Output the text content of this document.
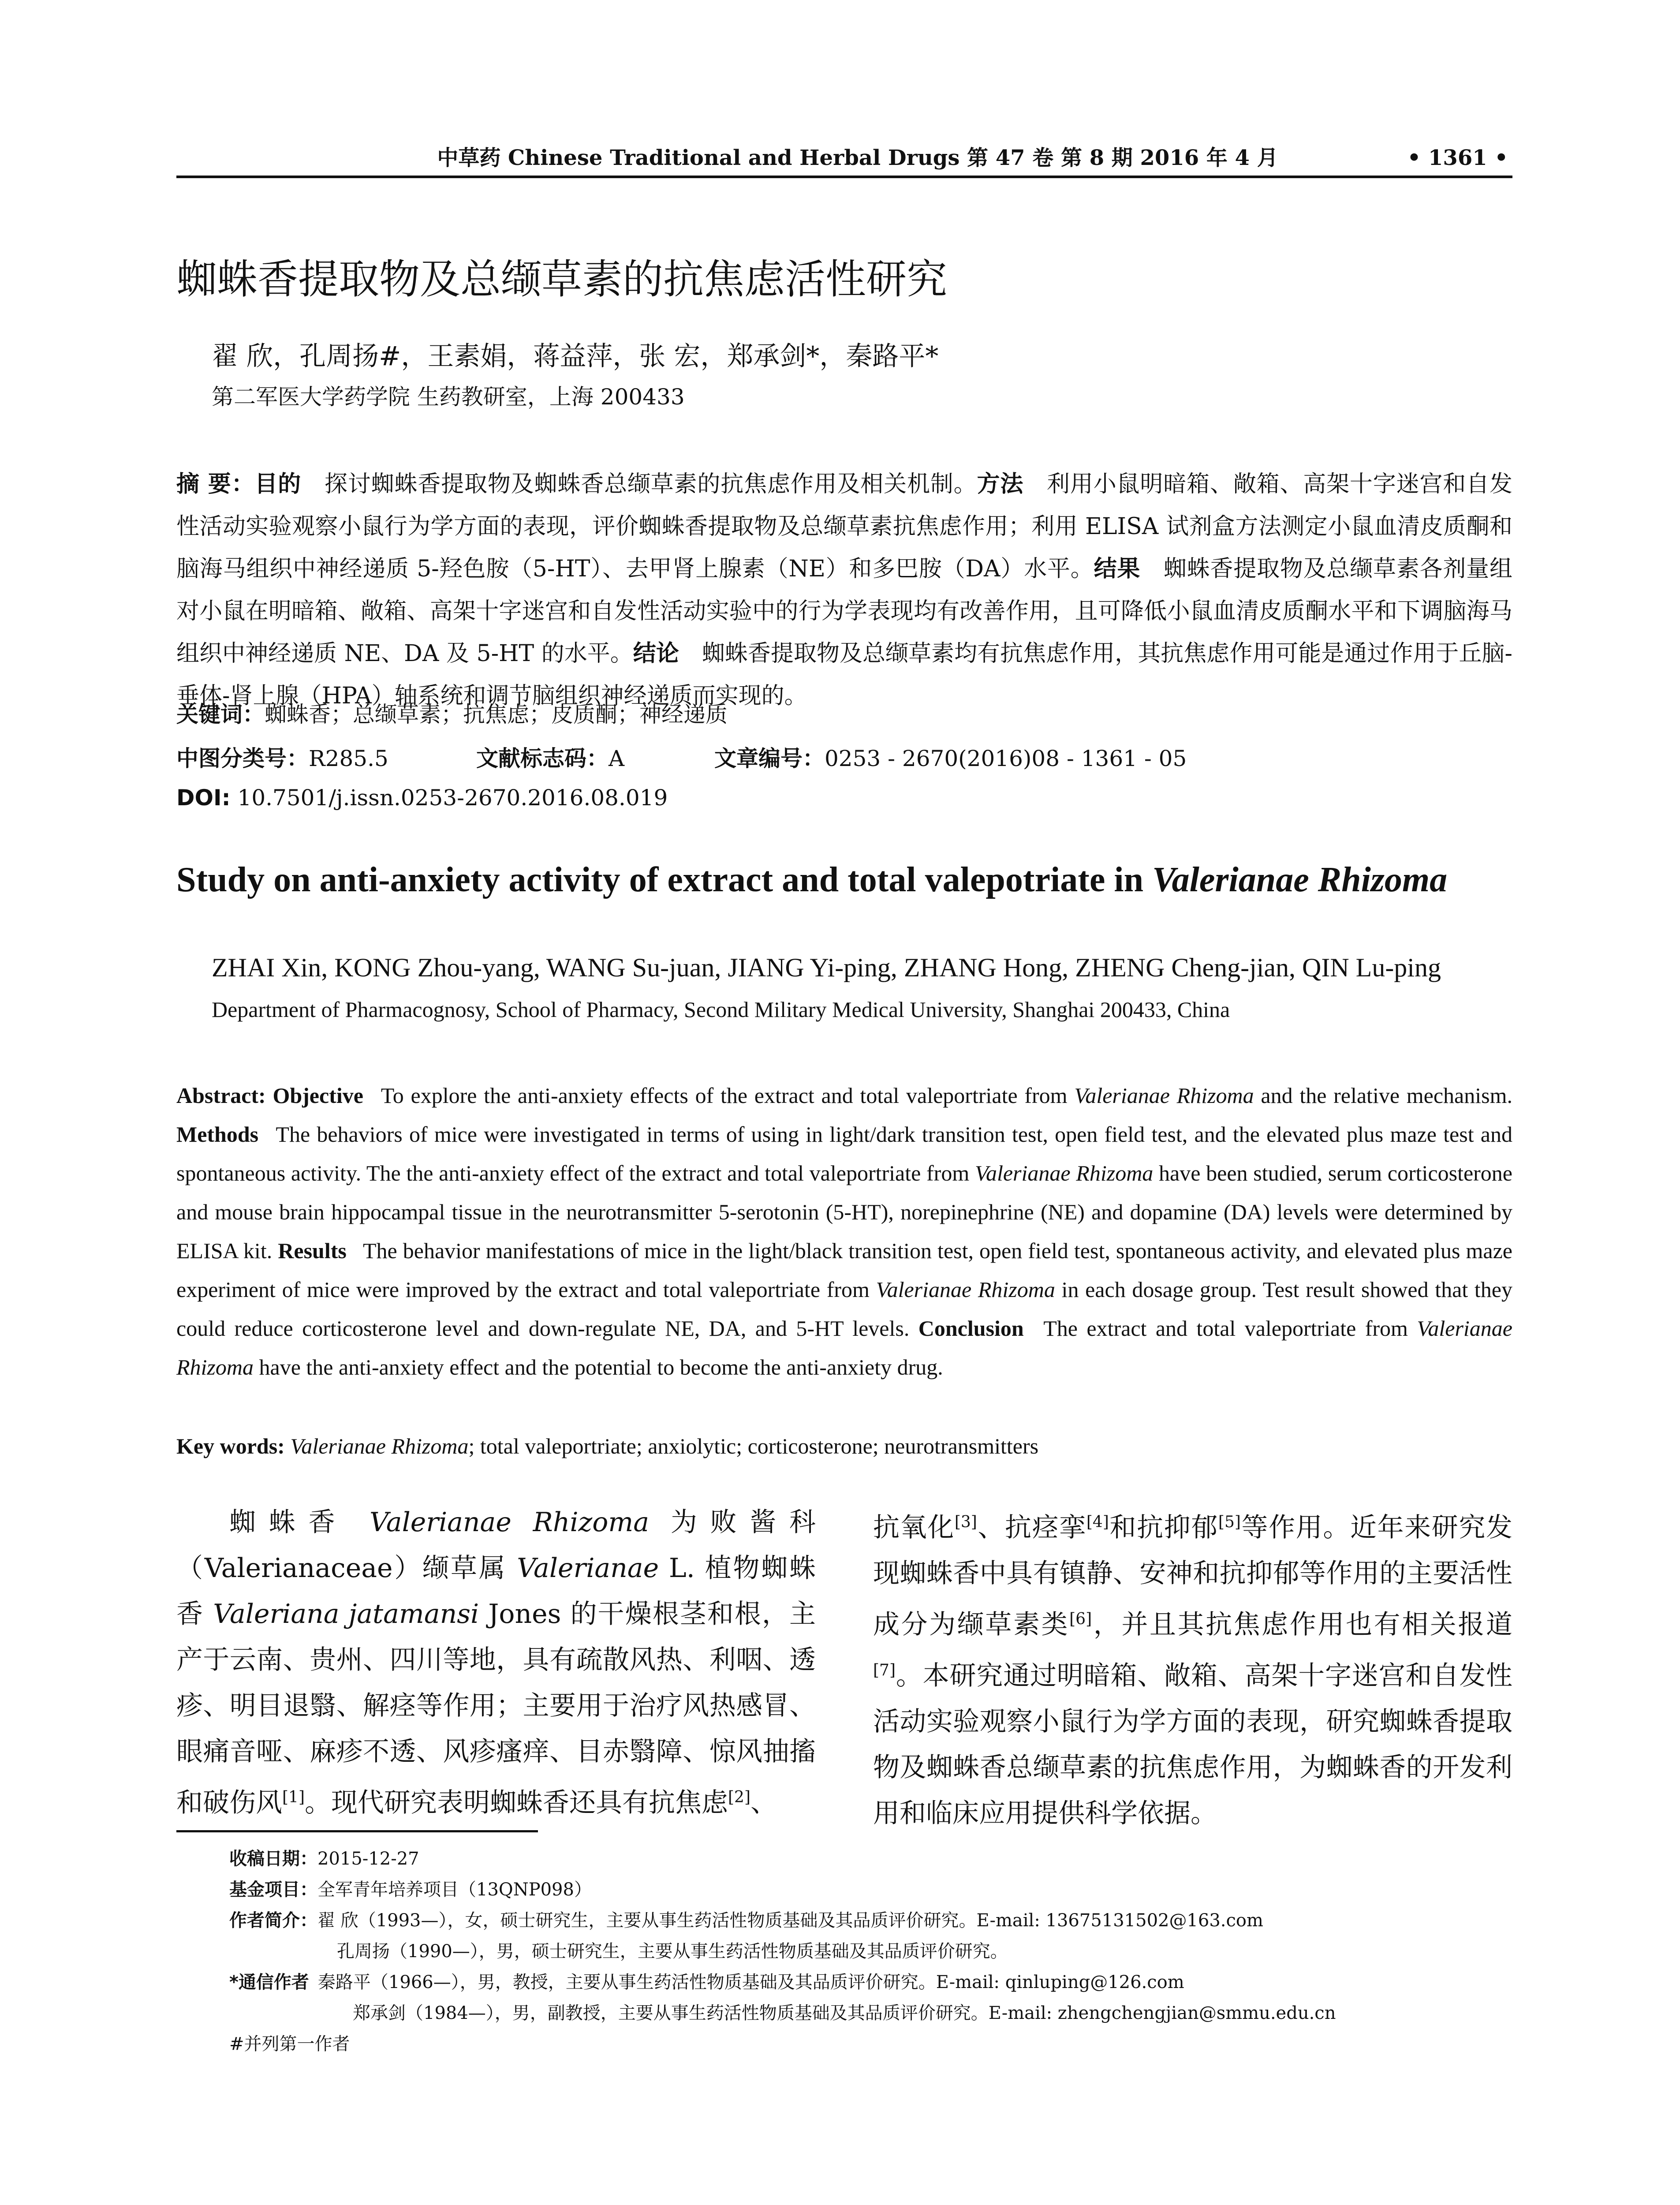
中草药 Chinese Traditional and Herbal Drugs 第 47 卷 第 8 期 2016 年 4 月	• 1361 •
蜘蛛香提取物及总缬草素的抗焦虑活性研究
翟 欣，孔周扬#，王素娟，蒋益萍，张 宏，郑承剑*，秦路平*
第二军医大学药学院 生药教研室，上海 200433
摘 要：目的  探讨蜘蛛香提取物及蜘蛛香总缬草素的抗焦虑作用及相关机制。方法  利用小鼠明暗箱、敞箱、高架十字迷宫和自发性活动实验观察小鼠行为学方面的表现，评价蜘蛛香提取物及总缬草素抗焦虑作用；利用 ELISA 试剂盒方法测定小鼠血清皮质酮和脑海马组织中神经递质 5-羟色胺（5-HT）、去甲肾上腺素（NE）和多巴胺（DA）水平。结果  蜘蛛香提取物及总缬草素各剂量组对小鼠在明暗箱、敞箱、高架十字迷宫和自发性活动实验中的行为学表现均有改善作用，且可降低小鼠血清皮质酮水平和下调脑海马组织中神经递质 NE、DA 及 5-HT 的水平。结论  蜘蛛香提取物及总缬草素均有抗焦虑作用，其抗焦虑作用可能是通过作用于丘脑-垂体-肾上腺（HPA）轴系统和调节脑组织神经递质而实现的。
关键词：蜘蛛香；总缬草素；抗焦虑；皮质酮；神经递质
中图分类号：R285.5	文献标志码：A	文章编号：0253 - 2670(2016)08 - 1361 - 05
DOI: 10.7501/j.issn.0253-2670.2016.08.019
Study on anti-anxiety activity of extract and total valepotriate in Valerianae Rhizoma
ZHAI Xin, KONG Zhou-yang, WANG Su-juan, JIANG Yi-ping, ZHANG Hong, ZHENG Cheng-jian, QIN Lu-ping
Department of Pharmacognosy, School of Pharmacy, Second Military Medical University, Shanghai 200433, China
Abstract: Objective  To explore the anti-anxiety effects of the extract and total valeportriate from Valerianae Rhizoma and the relative mechanism. Methods  The behaviors of mice were investigated in terms of using in light/dark transition test, open field test, and the elevated plus maze test and spontaneous activity. The the anti-anxiety effect of the extract and total valeportriate from Valerianae Rhizoma have been studied, serum corticosterone and mouse brain hippocampal tissue in the neurotransmitter 5-serotonin (5-HT), norepinephrine (NE) and dopamine (DA) levels were determined by ELISA kit. Results  The behavior manifestations of mice in the light/black transition test, open field test, spontaneous activity, and elevated plus maze experiment of mice were improved by the extract and total valeportriate from Valerianae Rhizoma in each dosage group. Test result showed that they could reduce corticosterone level and down-regulate NE, DA, and 5-HT levels. Conclusion  The extract and total valeportriate from Valerianae Rhizoma have the anti-anxiety effect and the potential to become the anti-anxiety drug.
Key words: Valerianae Rhizoma; total valeportriate; anxiolytic; corticosterone; neurotransmitters
蜘蛛香 Valerianae Rhizoma 为败酱科（Valerianaceae）缬草属 Valerianae L. 植物蜘蛛香 Valeriana jatamansi Jones 的干燥根茎和根，主产于云南、贵州、四川等地，具有疏散风热、利咽、透疹、明目退翳、解痉等作用；主要用于治疗风热感冒、眼痛音哑、麻疹不透、风疹瘙痒、目赤翳障、惊风抽搐和破伤风[1]。现代研究表明蜘蛛香还具有抗焦虑[2]、
抗氧化[3]、抗痉挛[4]和抗抑郁[5]等作用。近年来研究发现蜘蛛香中具有镇静、安神和抗抑郁等作用的主要活性成分为缬草素类[6]，并且其抗焦虑作用也有相关报道[7]。本研究通过明暗箱、敞箱、高架十字迷宫和自发性活动实验观察小鼠行为学方面的表现，研究蜘蛛香提取物及蜘蛛香总缬草素的抗焦虑作用，为蜘蛛香的开发利用和临床应用提供科学依据。
收稿日期：2015-12-27
基金项目：全军青年培养项目（13QNP098）
作者简介：翟 欣（1993—），女，硕士研究生，主要从事生药活性物质基础及其品质评价研究。E-mail: 13675131502@163.com
孔周扬（1990—），男，硕士研究生，主要从事生药活性物质基础及其品质评价研究。
*通信作者  秦路平（1966—），男，教授，主要从事生药活性物质基础及其品质评价研究。E-mail: qinluping@126.com
郑承剑（1984—），男，副教授，主要从事生药活性物质基础及其品质评价研究。E-mail: zhengchengjian@smmu.edu.cn
#并列第一作者
